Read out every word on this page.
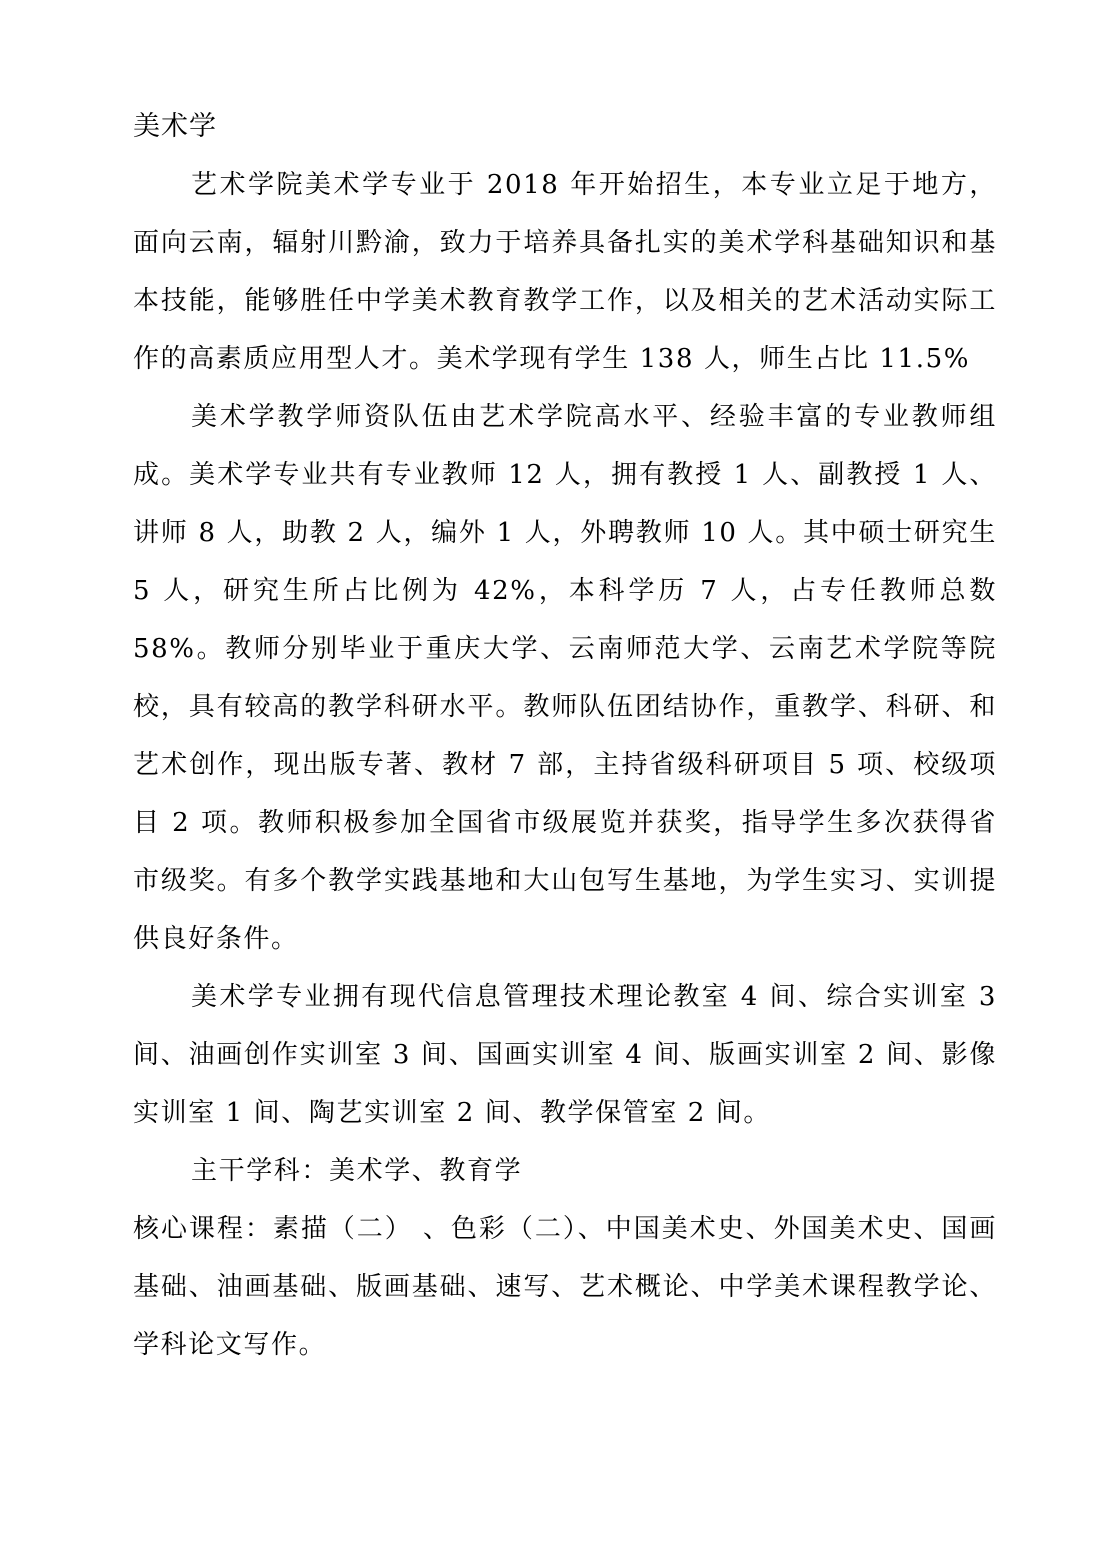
美术学

艺术学院美术学专业于 2018 年开始招生，本专业立足于地方，面向云南，辐射川黔渝，致力于培养具备扎实的美术学科基础知识和基本技能，能够胜任中学美术教育教学工作，以及相关的艺术活动实际工作的高素质应用型人才。美术学现有学生 138 人，师生占比 11.5%

美术学教学师资队伍由艺术学院高水平、经验丰富的专业教师组成。美术学专业共有专业教师 12 人，拥有教授 1 人、副教授 1 人、讲师 8 人，助教 2 人，编外 1 人，外聘教师 10 人。其中硕士研究生 5 人，研究生所占比例为 42%，本科学历 7 人，占专任教师总数 58%。教师分别毕业于重庆大学、云南师范大学、云南艺术学院等院校，具有较高的教学科研水平。教师队伍团结协作，重教学、科研、和艺术创作，现出版专著、教材 7 部，主持省级科研项目 5 项、校级项目 2 项。教师积极参加全国省市级展览并获奖，指导学生多次获得省市级奖。有多个教学实践基地和大山包写生基地，为学生实习、实训提供良好条件。

美术学专业拥有现代信息管理技术理论教室 4 间、综合实训室 3 间、油画创作实训室 3 间、国画实训室 4 间、版画实训室 2 间、影像实训室 1 间、陶艺实训室 2 间、教学保管室 2 间。

主干学科：美术学、教育学

核心课程：素描（二） 、色彩（二）、中国美术史、外国美术史、国画基础、油画基础、版画基础、速写、艺术概论、中学美术课程教学论、学科论文写作。
